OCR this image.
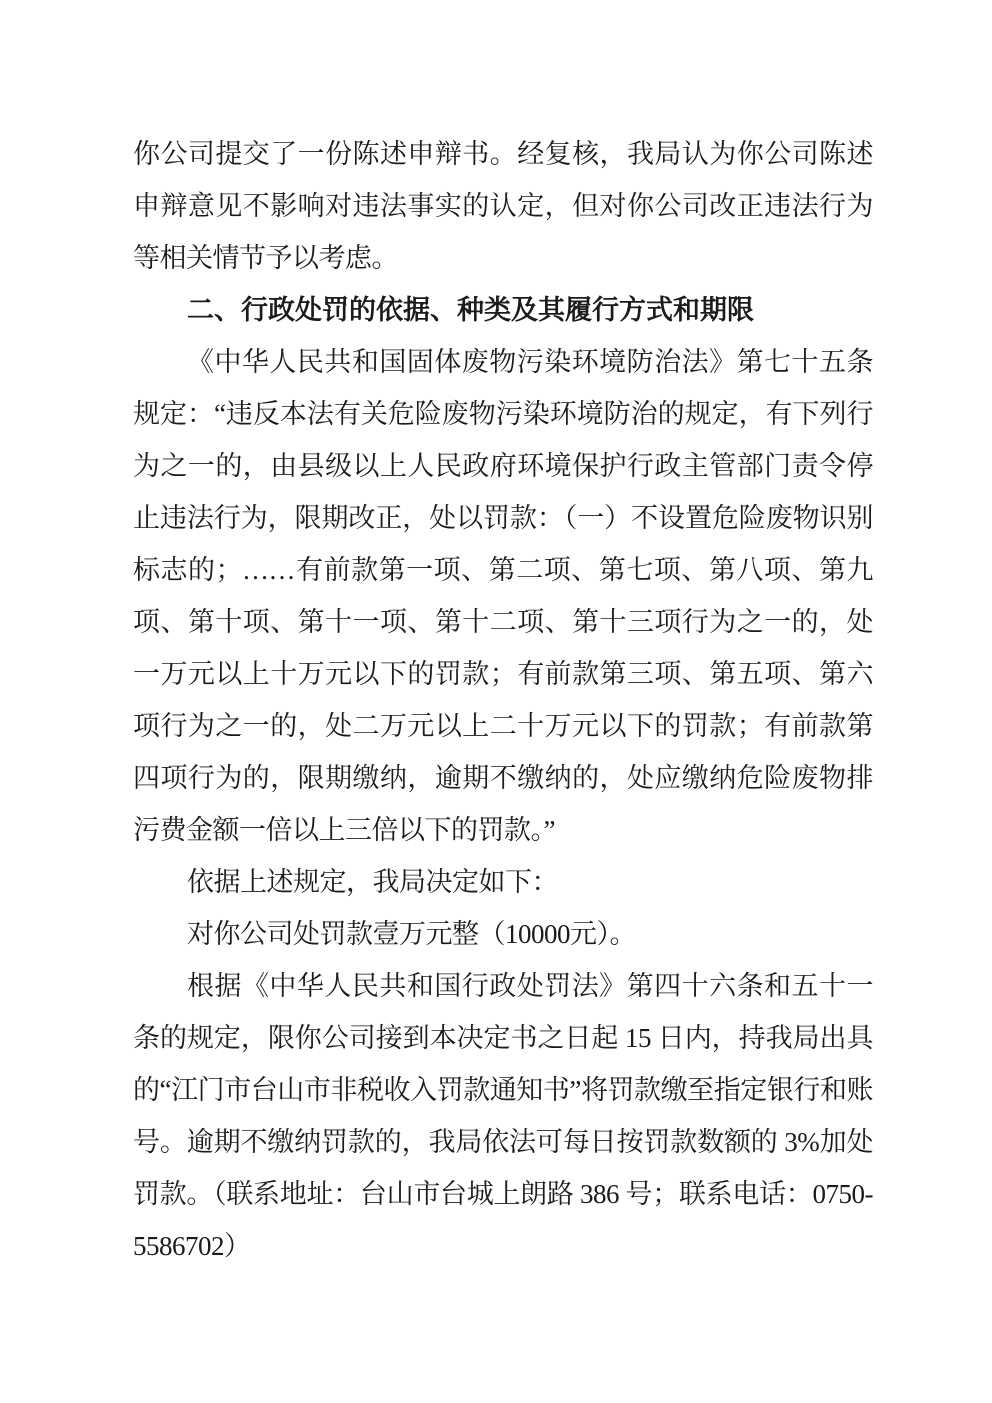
你公司提交了一份陈述申辩书。经复核，我局认为你公司陈述申辩意见不影响对违法事实的认定，但对你公司改正违法行为等相关情节予以考虑。

二、行政处罚的依据、种类及其履行方式和期限

《中华人民共和国固体废物污染环境防治法》第七十五条规定：“违反本法有关危险废物污染环境防治的规定，有下列行为之一的，由县级以上人民政府环境保护行政主管部门责令停止违法行为，限期改正，处以罚款：（一）不设置危险废物识别标志的；……有前款第一项、第二项、第七项、第八项、第九项、第十项、第十一项、第十二项、第十三项行为之一的，处一万元以上十万元以下的罚款；有前款第三项、第五项、第六项行为之一的，处二万元以上二十万元以下的罚款；有前款第四项行为的，限期缴纳，逾期不缴纳的，处应缴纳危险废物排污费金额一倍以上三倍以下的罚款。”

依据上述规定，我局决定如下：

对你公司处罚款壹万元整（10000元）。

根据《中华人民共和国行政处罚法》第四十六条和五十一条的规定，限你公司接到本决定书之日起 15 日内，持我局出具的“江门市台山市非税收入罚款通知书”将罚款缴至指定银行和账号。逾期不缴纳罚款的，我局依法可每日按罚款数额的 3%加处罚款。（联系地址：台山市台城上朗路 386 号；联系电话：0750-5586702）
